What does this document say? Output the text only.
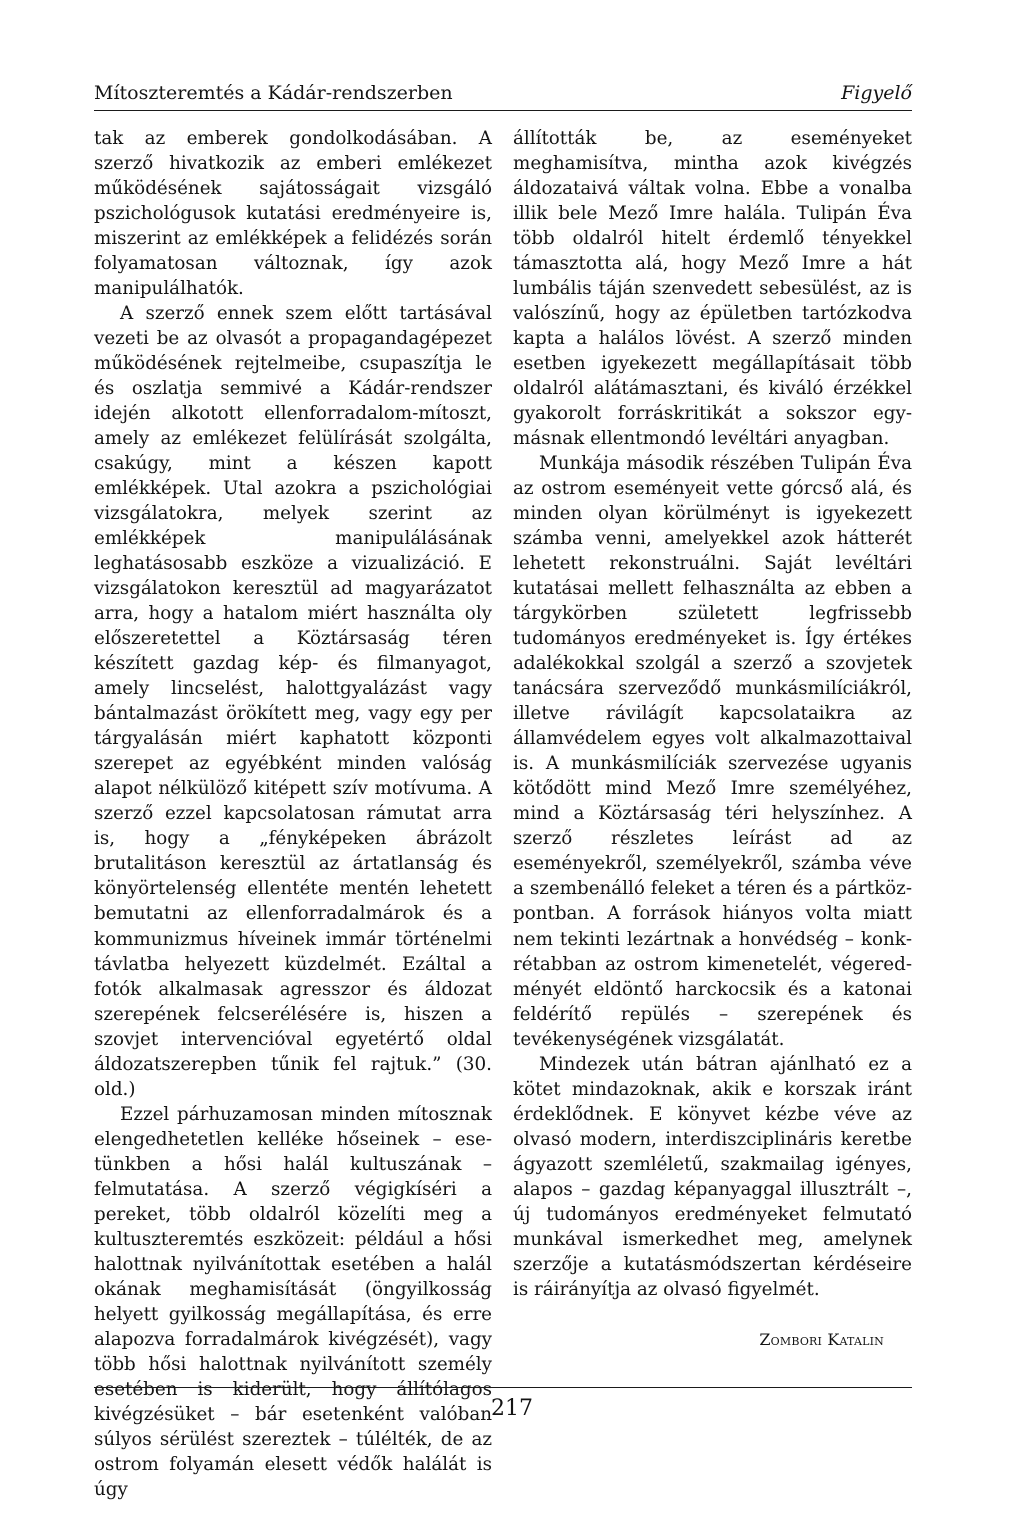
Mítoszteremtés a Kádár-rendszerben	Figyelő

tak az emberek gondolkodásában. A szerző hivatkozik az emberi emlékezet működésének sajátosságait vizsgáló pszichológusok kutatási eredményeire is, miszerint az emlékképek a felidézés során folyamatosan változnak, így azok manipulálhatók.

A szerző ennek szem előtt tartásával vezeti be az olvasót a propagandagépezet működésének rejtelmeibe, csupaszítja le és oszlatja semmivé a Kádár-rendszer idején alkotott ellenforradalom-mítoszt, amely az emlékezet felülírását szolgálta, csakúgy, mint a készen kapott emlékképek. Utal azokra a pszichológiai vizsgálatokra, melyek szerint az emlékképek manipulálásának leghatásosabb eszköze a vizualizáció. E vizsgálatokon keresztül ad magyarázatot arra, hogy a hatalom miért használta oly előszeretettel a Köztársaság téren készített gazdag kép- és filmanyagot, amely lincselést, halottgyalázást vagy bántalmazást örökített meg, vagy egy per tárgyalásán miért kaphatott központi szerepet az egyébként minden valóság alapot nélkülöző kitépett szív motívuma. A szerző ezzel kapcsolatosan rámutat arra is, hogy a „fényképeken ábrázolt brutalitáson keresztül az ártatlanság és könyörtelenség ellentéte mentén lehetett bemutatni az ellenforradalmárok és a kommunizmus híveinek immár történelmi távlatba helyezett küzdelmét. Ezáltal a fotók alkalmasak agresszor és áldozat szerepének felcserélésére is, hiszen a szovjet intervencióval egyetértő oldal áldozatszerepben tűnik fel rajtuk.” (30. old.)

Ezzel párhuzamosan minden mítosznak elengedhetetlen kelléke hőseinek – esetünkben a hősi halál kultuszának – felmutatása. A szerző végigkíséri a pereket, több oldalról közelíti meg a kultuszteremtés eszközeit: például a hősi halottnak nyilvánítottak esetében a halál okának meghamisítását (öngyilkosság helyett gyilkosság megállapítása, és erre alapozva forradalmárok kivégzését), vagy több hősi halottnak nyilvánított személy esetében is kiderült, hogy állítólagos kivégzésüket – bár esetenként valóban súlyos sérülést szereztek – túlélték, de az ostrom folyamán elesett védők halálát is úgy

állították be, az eseményeket meghamisítva, mintha azok kivégzés áldozataivá váltak volna. Ebbe a vonalba illik bele Mező Imre halála. Tulipán Éva több oldalról hitelt érdemlő tényekkel támasztotta alá, hogy Mező Imre a hát lumbális táján szenvedett sebesülést, az is valószínű, hogy az épületben tartózkodva kapta a halálos lövést. A szerző minden esetben igyekezett megállapításait több oldalról alátámasztani, és kiváló érzékkel gyakorolt forráskritikát a sokszor egymásnak ellentmondó levéltári anyagban.

Munkája második részében Tulipán Éva az ostrom eseményeit vette górcső alá, és minden olyan körülményt is igyekezett számba venni, amelyekkel azok hátterét lehetett rekonstruálni. Saját levéltári kutatásai mellett felhasználta az ebben a tárgykörben született legfrissebb tudományos eredményeket is. Így értékes adalékokkal szolgál a szerző a szovjetek tanácsára szerveződő munkásmilíciákról, illetve rávilágít kapcsolataikra az államvédelem egyes volt alkalmazottaival is. A munkásmilíciák szervezése ugyanis kötődött mind Mező Imre személyéhez, mind a Köztársaság téri helyszínhez. A szerző részletes leírást ad az eseményekről, személyekről, számba véve a szembenálló feleket a téren és a pártközpontban. A források hiányos volta miatt nem tekinti lezártnak a honvédség – konkrétabban az ostrom kimenetelét, végeredményét eldöntő harckocsik és a katonai feldérítő repülés – szerepének és tevékenységének vizsgálatát.

Mindezek után bátran ajánlható ez a kötet mindazoknak, akik e korszak iránt érdeklődnek. E könyvet kézbe véve az olvasó modern, interdiszciplináris keretbe ágyazott szemléletű, szakmailag igényes, alapos – gazdag képanyaggal illusztrált –, új tudományos eredményeket felmutató munkával ismerkedhet meg, amelynek szerzője a kutatásmódszertan kérdéseire is ráirányítja az olvasó figyelmét.

Zombori Katalin
217
